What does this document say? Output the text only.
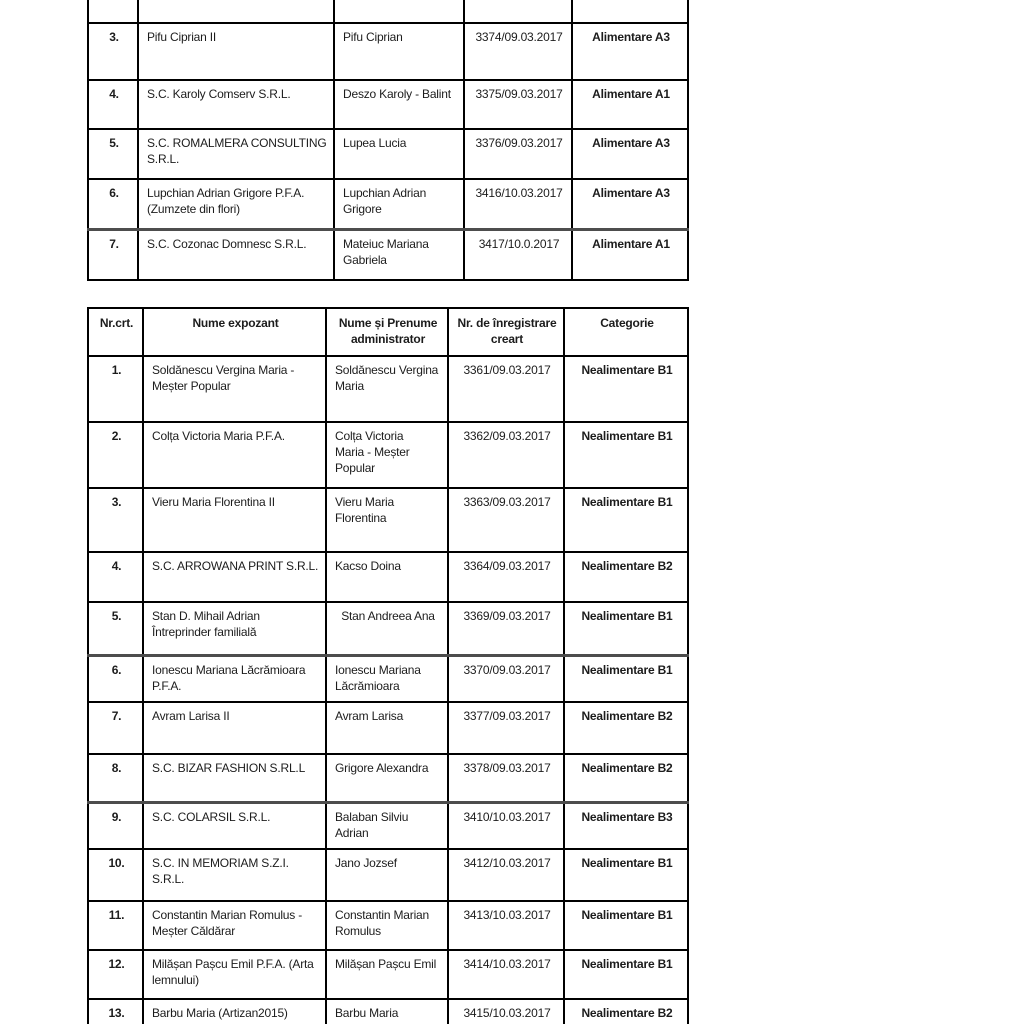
3.	Pifu Ciprian II	Pifu Ciprian	3374/09.03.2017	Alimentare A3
4.	S.C. Karoly Comserv S.R.L.	Deszo Karoly - Balint	3375/09.03.2017	Alimentare A1
5.	S.C. ROMALMERA CONSULTING
S.R.L.	Lupea Lucia	3376/09.03.2017	Alimentare A3
6.	Lupchian Adrian Grigore P.F.A.
(Zumzete din flori)	Lupchian Adrian
Grigore	3416/10.03.2017	Alimentare A3
7.	S.C. Cozonac Domnesc S.R.L.	Mateiuc Mariana
Gabriela	3417/10.0.2017	Alimentare A1
Nr.crt.	Nume expozant	Nume și Prenume
administrator	Nr. de înregistrare
creart	Categorie
1.	Soldănescu Vergina Maria -
Meșter Popular	Soldănescu Vergina
Maria	3361/09.03.2017	Nealimentare B1
2.	Colța Victoria Maria P.F.A.	Colța Victoria
Maria - Meșter
Popular	3362/09.03.2017	Nealimentare B1
3.	Vieru Maria Florentina II	Vieru Maria
Florentina	3363/09.03.2017	Nealimentare B1
4.	S.C. ARROWANA PRINT S.R.L.	Kacso Doina	3364/09.03.2017	Nealimentare B2
5.	Stan D. Mihail Adrian
Întreprinder familială	Stan Andreea Ana	3369/09.03.2017	Nealimentare B1
6.	Ionescu Mariana Lăcrămioara
P.F.A.	Ionescu Mariana
Lăcrămioara	3370/09.03.2017	Nealimentare B1
7.	Avram Larisa II	Avram Larisa	3377/09.03.2017	Nealimentare B2
8.	S.C. BIZAR FASHION S.RL.L	Grigore Alexandra	3378/09.03.2017	Nealimentare B2
9.	S.C. COLARSIL S.R.L.	Balaban Silviu
Adrian	3410/10.03.2017	Nealimentare B3
10.	S.C. IN MEMORIAM S.Z.I. S.R.L.	Jano Jozsef	3412/10.03.2017	Nealimentare B1
11.	Constantin Marian Romulus -
Meșter Căldărar	Constantin Marian
Romulus	3413/10.03.2017	Nealimentare B1
12.	Milășan Pașcu Emil P.F.A. (Arta
lemnului)	Milășan Pașcu Emil	3414/10.03.2017	Nealimentare B1
13.	Barbu Maria (Artizan2015)	Barbu Maria	3415/10.03.2017	Nealimentare B2
